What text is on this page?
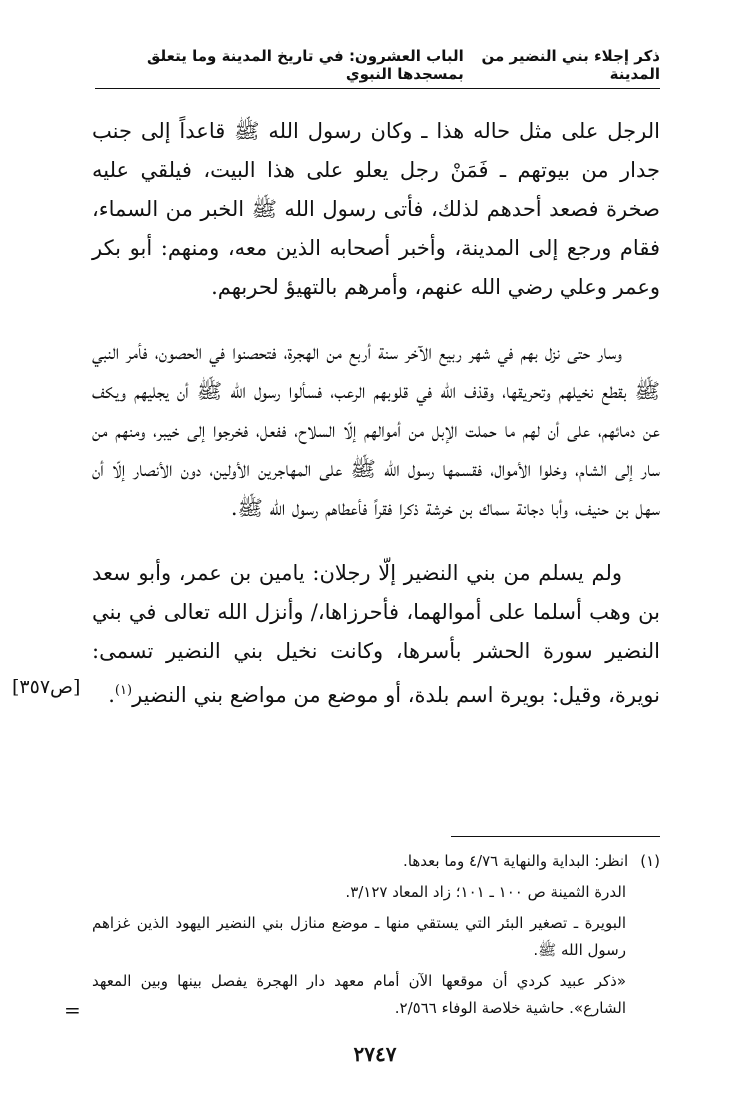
ذكر إجلاء بني النضير من المدينة
الباب العشرون: في تاريخ المدينة وما يتعلق بمسجدها النبوي

الرجل على مثل حاله هذا ـ وكان رسول الله ﷺ قاعداً إلى جنب جدار من بيوتهم ـ فَمَنْ رجل يعلو على هذا البيت، فيلقي عليه صخرة فصعد أحدهم لذلك، فأتى رسول الله ﷺ الخبر من السماء، فقام ورجع إلى المدينة، وأخبر أصحابه الذين معه، ومنهم: أبو بكر وعمر وعلي رضي الله عنهم، وأمرهم بالتهيؤ لحربهم.

وسار حتى نزل بهم في شهر ربيع الآخر سنة أربع من الهجرة، فتحصنوا في الحصون، فأمر النبي ﷺ بقطع نخيلهم وتحريقها، وقذف الله في قلوبهم الرعب، فسألوا رسول الله ﷺ أن يجليهم ويكف عن دمائهم، على أن لهم ما حملت الإبل من أموالهم إلّا السلاح، ففعل، فخرجوا إلى خيبر، ومنهم من سار إلى الشام، وخلوا الأموال، فقسمها رسول الله ﷺ على المهاجرين الأولين، دون الأنصار إلّا أن سهل بن حنيف، وأبا دجانة سماك بن خرشة ذكرا فقراً فأعطاهم رسول الله ﷺ.

ولم يسلم من بني النضير إلّا رجلان: يامين بن عمر، وأبو سعد بن وهب أسلما على أموالهما، فأحرزاها،/ وأنزل الله تعالى في بني النضير سورة الحشر بأسرها، وكانت نخيل بني النضير تسمى: نويرة، وقيل: بويرة اسم بلدة، أو موضع من مواضع بني النضير$^{(١)}$.

[ص٣٥٧]

(١)انظر: البداية والنهاية ٤/٧٦ وما بعدها.

الدرة الثمينة ص ١٠٠ ـ ١٠١؛ زاد المعاد ٣/١٢٧.

البويرة ـ تصغير البئر التي يستقي منها ـ موضع منازل بني النضير اليهود الذين غزاهم رسول الله ﷺ.

«ذكر عبيد كردي أن موقعها الآن أمام معهد دار الهجرة يفصل بينها وبين المعهد الشارع». حاشية خلاصة الوفاء ٢/٥٦٦.

=
٢٧٤٧
